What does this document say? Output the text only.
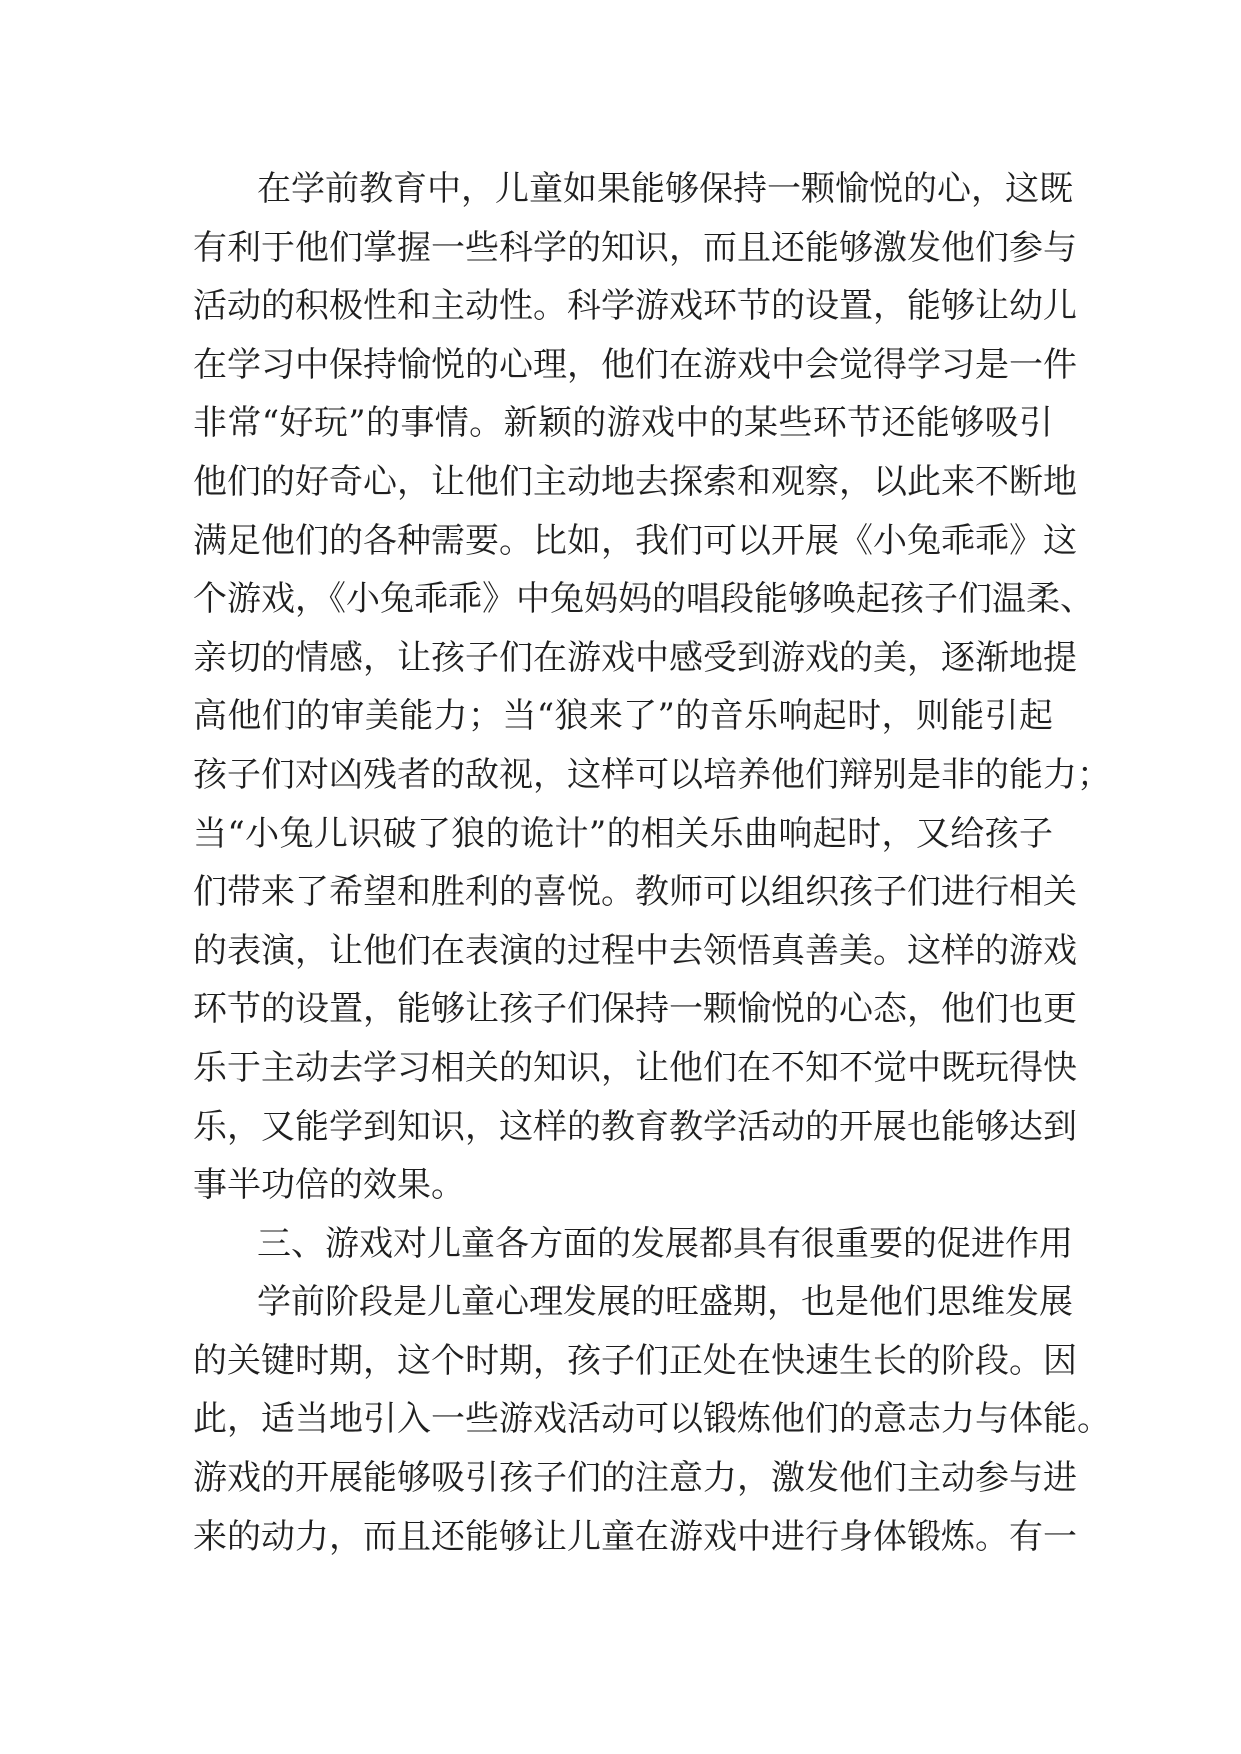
在学前教育中，儿童如果能够保持一颗愉悦的心，这既
有利于他们掌握一些科学的知识，而且还能够激发他们参与
活动的积极性和主动性。科学游戏环节的设置，能够让幼儿
在学习中保持愉悦的心理，他们在游戏中会觉得学习是一件
非常“好玩”的事情。新颖的游戏中的某些环节还能够吸引
他们的好奇心，让他们主动地去探索和观察，以此来不断地
满足他们的各种需要。比如，我们可以开展《小兔乖乖》这
个游戏，《小兔乖乖》中兔妈妈的唱段能够唤起孩子们温柔、
亲切的情感，让孩子们在游戏中感受到游戏的美，逐渐地提
高他们的审美能力；当“狼来了”的音乐响起时，则能引起
孩子们对凶残者的敌视，这样可以培养他们辩别是非的能力；
当“小兔儿识破了狼的诡计”的相关乐曲响起时，又给孩子
们带来了希望和胜利的喜悦。教师可以组织孩子们进行相关
的表演，让他们在表演的过程中去领悟真善美。这样的游戏
环节的设置，能够让孩子们保持一颗愉悦的心态，他们也更
乐于主动去学习相关的知识，让他们在不知不觉中既玩得快
乐，又能学到知识，这样的教育教学活动的开展也能够达到
事半功倍的效果。
三、游戏对儿童各方面的发展都具有很重要的促进作用
学前阶段是儿童心理发展的旺盛期，也是他们思维发展
的关键时期，这个时期，孩子们正处在快速生长的阶段。因
此，适当地引入一些游戏活动可以锻炼他们的意志力与体能。
游戏的开展能够吸引孩子们的注意力，激发他们主动参与进
来的动力，而且还能够让儿童在游戏中进行身体锻炼。有一
